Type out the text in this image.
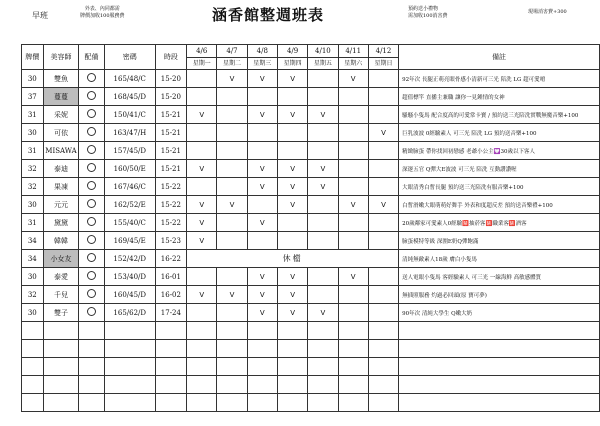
早班
外表、內同都需
牌價加收100服務費	涵香館整週班表	預約送小禮物
需加收100消害費
現場消害費+300
牌價	美容師	配備	密碼	時段	4/6
星期一	4/7
星期二	4/8
星期三	4/9
星期四	4/10
星期五	4/11
星期六	4/12
星期日	備註
30	雙魚		165/48/C	15-20		V	V	V		V		92年次 長腿正萌亮眼骨感小清新可三光 陪洗 LG 超可愛唷
37	蔓蔓		168/45/D	15-20								超值標竿 直播主兼職 讓你一見鍾情的女神
31	采妮		150/41/C	15-21	V		V	V	V			騷騷小隻馬 配合度高的可愛常卡寶 / 預約送三光陪洗實戰無魔音樂+100
30	可依		163/47/H	15-21							V	巨乳波波 0經驗素人 可三光 陪洗 LG 預約送音樂+100
31	MISAWA		157/45/D	15-21								精緻臉蛋 帶你找回初戀感 老爺小公主💟30歲以下客人
32	泰迪		160/50/E	15-21	V		V	V	V			深邃五官 Q彈大E波波 可三光 陪洗 互動讚讚喔
32	果凍		167/46/C	15-22			V	V	V			大眼清秀白皙長腿 預約送三光陪洗有服音樂+100
30	元元		162/52/E	15-22	V	V		V		V	V	白皙滑嫩大眼萌萌好舞手 外表和度超反差 預約送音樂禮+100
31	黛黛		155/40/C	15-22	V		V					20歲鄰家可愛素人0經驗🈲抽菸客🈲職業客🈲酒客
34	韓韓		169/45/E	15-23	V							臉蛋模特等級 深圍E奶Q彈飽滿
34	小女友		152/42/D	16-22	休檔							清純無敵素人18歲 膚白小隻馬
30	泰愛		153/40/D	16-01			V	V		V		送人電眼小隻馬 客經驗素人 可三光 一線海鮮 高敏感體質
32	千兒		160/45/D	16-02	V	V	V	V				無插照服務 灼過必回頭(原 寶可夢)
30	雙子		165/62/D	17-24			V	V	V			90年次 清純大學生 Q嫩大奶
